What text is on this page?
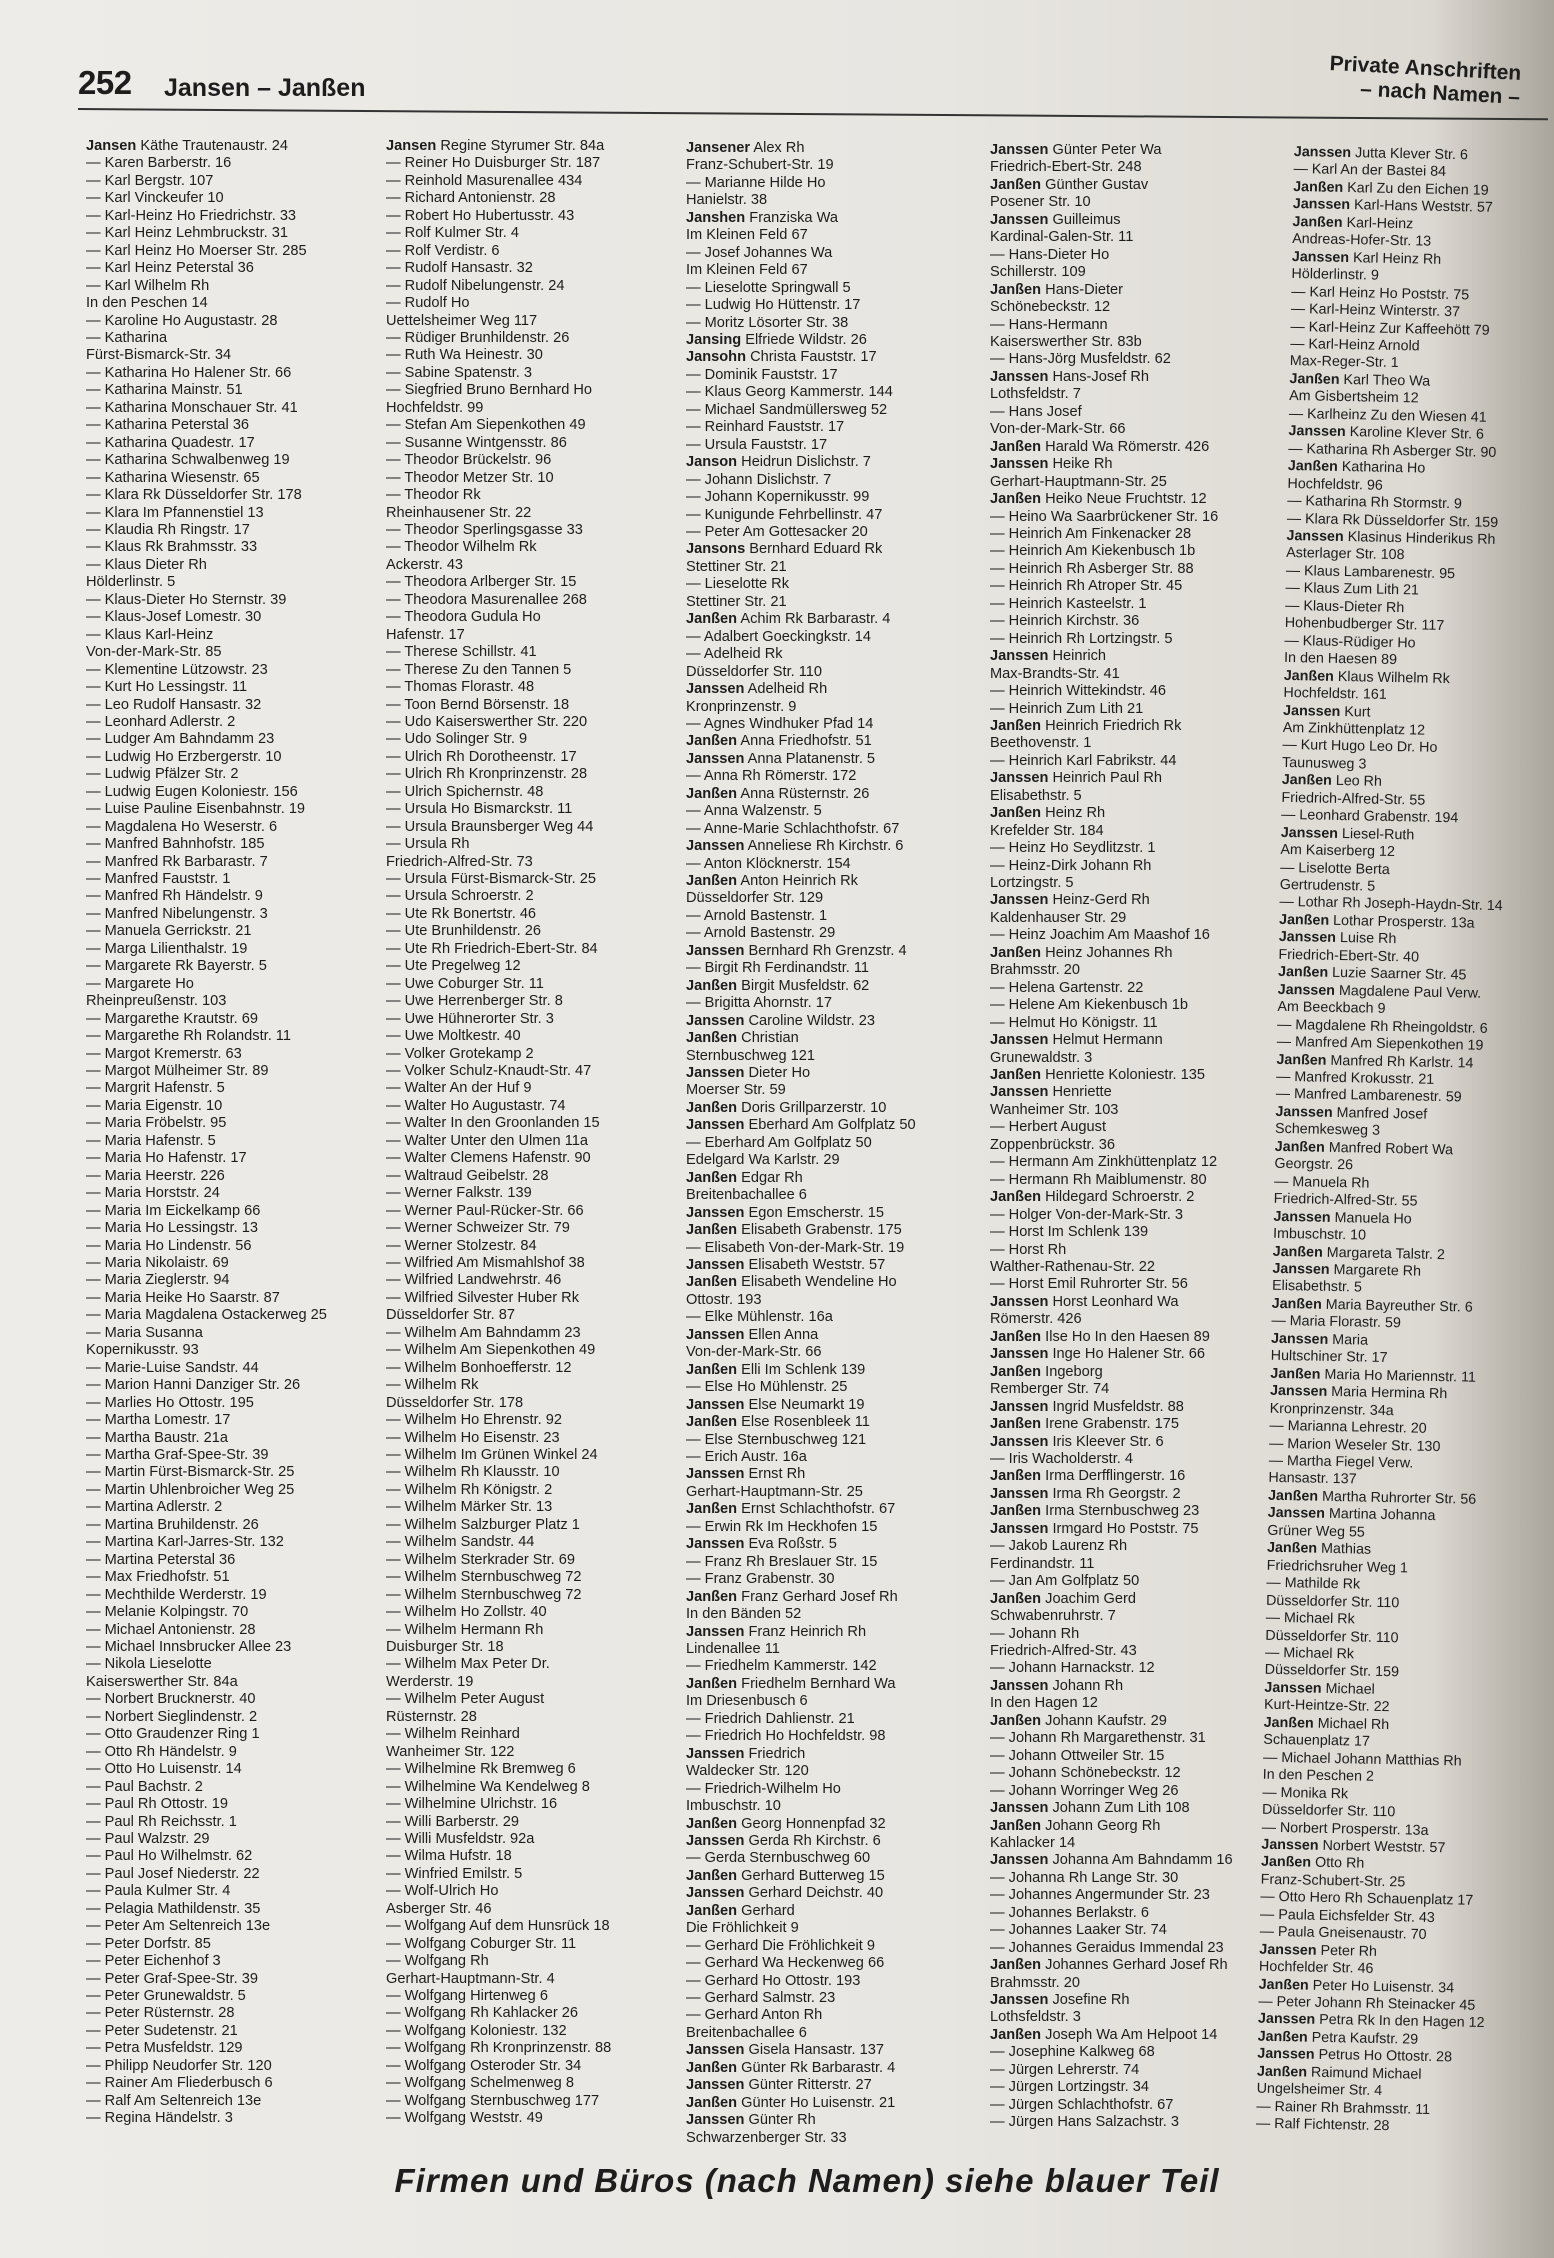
252 Jansen – Janßen
Private Anschriften
– nach Namen –
Jansen Käthe Trautenaustr. 24
— Karen Barberstr. 16
— Karl Bergstr. 107
— Karl Vinckeufer 10
— Karl-Heinz Ho Friedrichstr. 33
— Karl Heinz Lehmbruckstr. 31
— Karl Heinz Ho Moerser Str. 285
— Karl Heinz Peterstal 36
— Karl Wilhelm Rh
In den Peschen 14
— Karoline Ho Augustastr. 28
— Katharina
Fürst-Bismarck-Str. 34
— Katharina Ho Halener Str. 66
— Katharina Mainstr. 51
— Katharina Monschauer Str. 41
— Katharina Peterstal 36
— Katharina Quadestr. 17
— Katharina Schwalbenweg 19
— Katharina Wiesenstr. 65
— Klara Rk Düsseldorfer Str. 178
— Klara Im Pfannenstiel 13
— Klaudia Rh Ringstr. 17
— Klaus Rk Brahmsstr. 33
— Klaus Dieter Rh
Hölderlinstr. 5
— Klaus-Dieter Ho Sternstr. 39
— Klaus-Josef Lomestr. 30
— Klaus Karl-Heinz
Von-der-Mark-Str. 85
— Klementine Lützowstr. 23
— Kurt Ho Lessingstr. 11
— Leo Rudolf Hansastr. 32
— Leonhard Adlerstr. 2
— Ludger Am Bahndamm 23
— Ludwig Ho Erzbergerstr. 10
— Ludwig Pfälzer Str. 2
— Ludwig Eugen Koloniestr. 156
— Luise Pauline Eisenbahnstr. 19
— Magdalena Ho Weserstr. 6
— Manfred Bahnhofstr. 185
— Manfred Rk Barbarastr. 7
— Manfred Fauststr. 1
— Manfred Rh Händelstr. 9
— Manfred Nibelungenstr. 3
— Manuela Gerrickstr. 21
— Marga Lilienthalstr. 19
— Margarete Rk Bayerstr. 5
— Margarete Ho
Rheinpreußenstr. 103
— Margarethe Krautstr. 69
— Margarethe Rh Rolandstr. 11
— Margot Kremerstr. 63
— Margot Mülheimer Str. 89
— Margrit Hafenstr. 5
— Maria Eigenstr. 10
— Maria Fröbelstr. 95
— Maria Hafenstr. 5
— Maria Ho Hafenstr. 17
— Maria Heerstr. 226
— Maria Horststr. 24
— Maria Im Eickelkamp 66
— Maria Ho Lessingstr. 13
— Maria Ho Lindenstr. 56
— Maria Nikolaistr. 69
— Maria Zieglerstr. 94
— Maria Heike Ho Saarstr. 87
— Maria Magdalena Ostackerweg 25
— Maria Susanna
Kopernikusstr. 93
— Marie-Luise Sandstr. 44
— Marion Hanni Danziger Str. 26
— Marlies Ho Ottostr. 195
— Martha Lomestr. 17
— Martha Baustr. 21a
— Martha Graf-Spee-Str. 39
— Martin Fürst-Bismarck-Str. 25
— Martin Uhlenbroicher Weg 25
— Martina Adlerstr. 2
— Martina Bruhildenstr. 26
— Martina Karl-Jarres-Str. 132
— Martina Peterstal 36
— Max Friedhofstr. 51
— Mechthilde Werderstr. 19
— Melanie Kolpingstr. 70
— Michael Antonienstr. 28
— Michael Innsbrucker Allee 23
— Nikola Lieselotte
Kaiserswerther Str. 84a
— Norbert Brucknerstr. 40
— Norbert Sieglindenstr. 2
— Otto Graudenzer Ring 1
— Otto Rh Händelstr. 9
— Otto Ho Luisenstr. 14
— Paul Bachstr. 2
— Paul Rh Ottostr. 19
— Paul Rh Reichsstr. 1
— Paul Walzstr. 29
— Paul Ho Wilhelmstr. 62
— Paul Josef Niederstr. 22
— Paula Kulmer Str. 4
— Pelagia Mathildenstr. 35
— Peter Am Seltenreich 13e
— Peter Dorfstr. 85
— Peter Eichenhof 3
— Peter Graf-Spee-Str. 39
— Peter Grunewaldstr. 5
— Peter Rüsternstr. 28
— Peter Sudetenstr. 21
— Petra Musfeldstr. 129
— Philipp Neudorfer Str. 120
— Rainer Am Fliederbusch 6
— Ralf Am Seltenreich 13e
— Regina Händelstr. 3
Jansen Regine Styrumer Str. 84a
— Reiner Ho Duisburger Str. 187
— Reinhold Masurenallee 434
— Richard Antonienstr. 28
— Robert Ho Hubertusstr. 43
— Rolf Kulmer Str. 4
— Rolf Verdistr. 6
— Rudolf Hansastr. 32
— Rudolf Nibelungenstr. 24
— Rudolf Ho
Uettelsheimer Weg 117
— Rüdiger Brunhildenstr. 26
— Ruth Wa Heinestr. 30
— Sabine Spatenstr. 3
— Siegfried Bruno Bernhard Ho
Hochfeldstr. 99
— Stefan Am Siepenkothen 49
— Susanne Wintgensstr. 86
— Theodor Brückelstr. 96
— Theodor Metzer Str. 10
— Theodor Rk
Rheinhausener Str. 22
— Theodor Sperlingsgasse 33
— Theodor Wilhelm Rk
Ackerstr. 43
— Theodora Arlberger Str. 15
— Theodora Masurenallee 268
— Theodora Gudula Ho
Hafenstr. 17
— Therese Schillstr. 41
— Therese Zu den Tannen 5
— Thomas Florastr. 48
— Toon Bernd Börsenstr. 18
— Udo Kaiserswerther Str. 220
— Udo Solinger Str. 9
— Ulrich Rh Dorotheenstr. 17
— Ulrich Rh Kronprinzenstr. 28
— Ulrich Spichernstr. 48
— Ursula Ho Bismarckstr. 11
— Ursula Braunsberger Weg 44
— Ursula Rh
Friedrich-Alfred-Str. 73
— Ursula Fürst-Bismarck-Str. 25
— Ursula Schroerstr. 2
— Ute Rk Bonertstr. 46
— Ute Brunhildenstr. 26
— Ute Rh Friedrich-Ebert-Str. 84
— Ute Pregelweg 12
— Uwe Coburger Str. 11
— Uwe Herrenberger Str. 8
— Uwe Hühnerorter Str. 3
— Uwe Moltkestr. 40
— Volker Grotekamp 2
— Volker Schulz-Knaudt-Str. 47
— Walter An der Huf 9
— Walter Ho Augustastr. 74
— Walter In den Groonlanden 15
— Walter Unter den Ulmen 11a
— Walter Clemens Hafenstr. 90
— Waltraud Geibelstr. 28
— Werner Falkstr. 139
— Werner Paul-Rücker-Str. 66
— Werner Schweizer Str. 79
— Werner Stolzestr. 84
— Wilfried Am Mismahlshof 38
— Wilfried Landwehrstr. 46
— Wilfried Silvester Huber Rk
Düsseldorfer Str. 87
— Wilhelm Am Bahndamm 23
— Wilhelm Am Siepenkothen 49
— Wilhelm Bonhoefferstr. 12
— Wilhelm Rk
Düsseldorfer Str. 178
— Wilhelm Ho Ehrenstr. 92
— Wilhelm Ho Eisenstr. 23
— Wilhelm Im Grünen Winkel 24
— Wilhelm Rh Klausstr. 10
— Wilhelm Rh Königstr. 2
— Wilhelm Märker Str. 13
— Wilhelm Salzburger Platz 1
— Wilhelm Sandstr. 44
— Wilhelm Sterkrader Str. 69
— Wilhelm Sternbuschweg 72
— Wilhelm Sternbuschweg 72
— Wilhelm Ho Zollstr. 40
— Wilhelm Hermann Rh
Duisburger Str. 18
— Wilhelm Max Peter Dr.
Werderstr. 19
— Wilhelm Peter August
Rüsternstr. 28
— Wilhelm Reinhard
Wanheimer Str. 122
— Wilhelmine Rk Bremweg 6
— Wilhelmine Wa Kendelweg 8
— Wilhelmine Ulrichstr. 16
— Willi Barberstr. 29
— Willi Musfeldstr. 92a
— Wilma Hufstr. 18
— Winfried Emilstr. 5
— Wolf-Ulrich Ho
Asberger Str. 46
— Wolfgang Auf dem Hunsrück 18
— Wolfgang Coburger Str. 11
— Wolfgang Rh
Gerhart-Hauptmann-Str. 4
— Wolfgang Hirtenweg 6
— Wolfgang Rh Kahlacker 26
— Wolfgang Koloniestr. 132
— Wolfgang Rh Kronprinzenstr. 88
— Wolfgang Osteroder Str. 34
— Wolfgang Schelmenweg 8
— Wolfgang Sternbuschweg 177
— Wolfgang Weststr. 49
Jansener Alex Rh
Franz-Schubert-Str. 19
— Marianne Hilde Ho
Hanielstr. 38
Janshen Franziska Wa
Im Kleinen Feld 67
— Josef Johannes Wa
Im Kleinen Feld 67
— Lieselotte Springwall 5
— Ludwig Ho Hüttenstr. 17
— Moritz Lösorter Str. 38
Jansing Elfriede Wildstr. 26
Jansohn Christa Fauststr. 17
— Dominik Fauststr. 17
— Klaus Georg Kammerstr. 144
— Michael Sandmüllersweg 52
— Reinhard Fauststr. 17
— Ursula Fauststr. 17
Janson Heidrun Dislichstr. 7
— Johann Dislichstr. 7
— Johann Kopernikusstr. 99
— Kunigunde Fehrbellinstr. 47
— Peter Am Gottesacker 20
Jansons Bernhard Eduard Rk
Stettiner Str. 21
— Lieselotte Rk
Stettiner Str. 21
Janßen Achim Rk Barbarastr. 4
— Adalbert Goeckingkstr. 14
— Adelheid Rk
Düsseldorfer Str. 110
Janssen Adelheid Rh
Kronprinzenstr. 9
— Agnes Windhuker Pfad 14
Janßen Anna Friedhofstr. 51
Janssen Anna Platanenstr. 5
— Anna Rh Römerstr. 172
Janßen Anna Rüsternstr. 26
— Anna Walzenstr. 5
— Anne-Marie Schlachthofstr. 67
Janssen Anneliese Rh Kirchstr. 6
— Anton Klöcknerstr. 154
Janßen Anton Heinrich Rk
Düsseldorfer Str. 129
— Arnold Bastenstr. 1
— Arnold Bastenstr. 29
Janssen Bernhard Rh Grenzstr. 4
— Birgit Rh Ferdinandstr. 11
Janßen Birgit Musfeldstr. 62
— Brigitta Ahornstr. 17
Janssen Caroline Wildstr. 23
Janßen Christian
Sternbuschweg 121
Janssen Dieter Ho
Moerser Str. 59
Janßen Doris Grillparzerstr. 10
Janssen Eberhard Am Golfplatz 50
— Eberhard Am Golfplatz 50
Edelgard Wa Karlstr. 29
Janßen Edgar Rh
Breitenbachallee 6
Janssen Egon Emscherstr. 15
Janßen Elisabeth Grabenstr. 175
— Elisabeth Von-der-Mark-Str. 19
Janssen Elisabeth Weststr. 57
Janßen Elisabeth Wendeline Ho
Ottostr. 193
— Elke Mühlenstr. 16a
Janssen Ellen Anna
Von-der-Mark-Str. 66
Janßen Elli Im Schlenk 139
— Else Ho Mühlenstr. 25
Janssen Else Neumarkt 19
Janßen Else Rosenbleek 11
— Else Sternbuschweg 121
— Erich Austr. 16a
Janssen Ernst Rh
Gerhart-Hauptmann-Str. 25
Janßen Ernst Schlachthofstr. 67
— Erwin Rk Im Heckhofen 15
Janssen Eva Roßstr. 5
— Franz Rh Breslauer Str. 15
— Franz Grabenstr. 30
Janßen Franz Gerhard Josef Rh
In den Bänden 52
Janssen Franz Heinrich Rh
Lindenallee 11
— Friedhelm Kammerstr. 142
Janßen Friedhelm Bernhard Wa
Im Driesenbusch 6
— Friedrich Dahlienstr. 21
— Friedrich Ho Hochfeldstr. 98
Janssen Friedrich
Waldecker Str. 120
— Friedrich-Wilhelm Ho
Imbuschstr. 10
Janßen Georg Honnenpfad 32
Janssen Gerda Rh Kirchstr. 6
— Gerda Sternbuschweg 60
Janßen Gerhard Butterweg 15
Janssen Gerhard Deichstr. 40
Janßen Gerhard
Die Fröhlichkeit 9
— Gerhard Die Fröhlichkeit 9
— Gerhard Wa Heckenweg 66
— Gerhard Ho Ottostr. 193
— Gerhard Salmstr. 23
— Gerhard Anton Rh
Breitenbachallee 6
Janssen Gisela Hansastr. 137
Janßen Günter Rk Barbarastr. 4
Janssen Günter Ritterstr. 27
Janßen Günter Ho Luisenstr. 21
Janssen Günter Rh
Schwarzenberger Str. 33
Janssen Günter Peter Wa
Friedrich-Ebert-Str. 248
Janßen Günther Gustav
Posener Str. 10
Janssen Guilleimus
Kardinal-Galen-Str. 11
— Hans-Dieter Ho
Schillerstr. 109
Janßen Hans-Dieter
Schönebeckstr. 12
— Hans-Hermann
Kaiserswerther Str. 83b
— Hans-Jörg Musfeldstr. 62
Janssen Hans-Josef Rh
Lothsfeldstr. 7
— Hans Josef
Von-der-Mark-Str. 66
Janßen Harald Wa Römerstr. 426
Janssen Heike Rh
Gerhart-Hauptmann-Str. 25
Janßen Heiko Neue Fruchtstr. 12
— Heino Wa Saarbrückener Str. 16
— Heinrich Am Finkenacker 28
— Heinrich Am Kiekenbusch 1b
— Heinrich Rh Asberger Str. 88
— Heinrich Rh Atroper Str. 45
— Heinrich Kasteelstr. 1
— Heinrich Kirchstr. 36
— Heinrich Rh Lortzingstr. 5
Janssen Heinrich
Max-Brandts-Str. 41
— Heinrich Wittekindstr. 46
— Heinrich Zum Lith 21
Janßen Heinrich Friedrich Rk
Beethovenstr. 1
— Heinrich Karl Fabrikstr. 44
Janssen Heinrich Paul Rh
Elisabethstr. 5
Janßen Heinz Rh
Krefelder Str. 184
— Heinz Ho Seydlitzstr. 1
— Heinz-Dirk Johann Rh
Lortzingstr. 5
Janssen Heinz-Gerd Rh
Kaldenhauser Str. 29
— Heinz Joachim Am Maashof 16
Janßen Heinz Johannes Rh
Brahmsstr. 20
— Helena Gartenstr. 22
— Helene Am Kiekenbusch 1b
— Helmut Ho Königstr. 11
Janssen Helmut Hermann
Grunewaldstr. 3
Janßen Henriette Koloniestr. 135
Janssen Henriette
Wanheimer Str. 103
— Herbert August
Zoppenbrückstr. 36
— Hermann Am Zinkhüttenplatz 12
— Hermann Rh Maiblumenstr. 80
Janßen Hildegard Schroerstr. 2
— Holger Von-der-Mark-Str. 3
— Horst Im Schlenk 139
— Horst Rh
Walther-Rathenau-Str. 22
— Horst Emil Ruhrorter Str. 56
Janssen Horst Leonhard Wa
Römerstr. 426
Janßen Ilse Ho In den Haesen 89
Janssen Inge Ho Halener Str. 66
Janßen Ingeborg
Remberger Str. 74
Janssen Ingrid Musfeldstr. 88
Janßen Irene Grabenstr. 175
Janssen Iris Kleever Str. 6
— Iris Wacholderstr. 4
Janßen Irma Derfflingerstr. 16
Janssen Irma Rh Georgstr. 2
Janßen Irma Sternbuschweg 23
Janssen Irmgard Ho Poststr. 75
— Jakob Laurenz Rh
Ferdinandstr. 11
— Jan Am Golfplatz 50
Janßen Joachim Gerd
Schwabenruhrstr. 7
— Johann Rh
Friedrich-Alfred-Str. 43
— Johann Harnackstr. 12
Janssen Johann Rh
In den Hagen 12
Janßen Johann Kaufstr. 29
— Johann Rh Margarethenstr. 31
— Johann Ottweiler Str. 15
— Johann Schönebeckstr. 12
— Johann Worringer Weg 26
Janssen Johann Zum Lith 108
Janßen Johann Georg Rh
Kahlacker 14
Janssen Johanna Am Bahndamm 16
— Johanna Rh Lange Str. 30
— Johannes Angermunder Str. 23
— Johannes Berlakstr. 6
— Johannes Laaker Str. 74
— Johannes Geraidus Immendal 23
Janßen Johannes Gerhard Josef Rh
Brahmsstr. 20
Janssen Josefine Rh
Lothsfeldstr. 3
Janßen Joseph Wa Am Helpoot 14
— Josephine Kalkweg 68
— Jürgen Lehrerstr. 74
— Jürgen Lortzingstr. 34
— Jürgen Schlachthofstr. 67
— Jürgen Hans Salzachstr. 3
Janssen Jutta Klever Str. 6
— Karl An der Bastei 84
Janßen Karl Zu den Eichen 19
Janssen Karl-Hans Weststr. 57
Janßen Karl-Heinz
Andreas-Hofer-Str. 13
Janssen Karl Heinz Rh
Hölderlinstr. 9
— Karl Heinz Ho Poststr. 75
— Karl-Heinz Winterstr. 37
— Karl-Heinz Zur Kaffeehött 79
— Karl-Heinz Arnold
Max-Reger-Str. 1
Janßen Karl Theo Wa
Am Gisbertsheim 12
— Karlheinz Zu den Wiesen 41
Janssen Karoline Klever Str. 6
— Katharina Rh Asberger Str. 90
Janßen Katharina Ho
Hochfeldstr. 96
— Katharina Rh Stormstr. 9
— Klara Rk Düsseldorfer Str. 159
Janssen Klasinus Hinderikus Rh
Asterlager Str. 108
— Klaus Lambarenestr. 95
— Klaus Zum Lith 21
— Klaus-Dieter Rh
Hohenbudberger Str. 117
— Klaus-Rüdiger Ho
In den Haesen 89
Janßen Klaus Wilhelm Rk
Hochfeldstr. 161
Janssen Kurt
Am Zinkhüttenplatz 12
— Kurt Hugo Leo Dr. Ho
Taunusweg 3
Janßen Leo Rh
Friedrich-Alfred-Str. 55
— Leonhard Grabenstr. 194
Janssen Liesel-Ruth
Am Kaiserberg 12
— Liselotte Berta
Gertrudenstr. 5
— Lothar Rh Joseph-Haydn-Str. 14
Janßen Lothar Prosperstr. 13a
Janssen Luise Rh
Friedrich-Ebert-Str. 40
Janßen Luzie Saarner Str. 45
Janssen Magdalene Paul Verw.
Am Beeckbach 9
— Magdalene Rh Rheingoldstr. 6
— Manfred Am Siepenkothen 19
Janßen Manfred Rh Karlstr. 14
— Manfred Krokusstr. 21
— Manfred Lambarenestr. 59
Janssen Manfred Josef
Schemkesweg 3
Janßen Manfred Robert Wa
Georgstr. 26
— Manuela Rh
Friedrich-Alfred-Str. 55
Janssen Manuela Ho
Imbuschstr. 10
Janßen Margareta Talstr. 2
Janssen Margarete Rh
Elisabethstr. 5
Janßen Maria Bayreuther Str. 6
— Maria Florastr. 59
Janssen Maria
Hultschiner Str. 17
Janßen Maria Ho Mariennstr. 11
Janssen Maria Hermina Rh
Kronprinzenstr. 34a
— Marianna Lehrestr. 20
— Marion Weseler Str. 130
— Martha Fiegel Verw.
Hansastr. 137
Janßen Martha Ruhrorter Str. 56
Janssen Martina Johanna
Grüner Weg 55
Janßen Mathias
Friedrichsruher Weg 1
— Mathilde Rk
Düsseldorfer Str. 110
— Michael Rk
Düsseldorfer Str. 110
— Michael Rk
Düsseldorfer Str. 159
Janssen Michael
Kurt-Heintze-Str. 22
Janßen Michael Rh
Schauenplatz 17
— Michael Johann Matthias Rh
In den Peschen 2
— Monika Rk
Düsseldorfer Str. 110
— Norbert Prosperstr. 13a
Janssen Norbert Weststr. 57
Janßen Otto Rh
Franz-Schubert-Str. 25
— Otto Hero Rh Schauenplatz 17
— Paula Eichsfelder Str. 43
— Paula Gneisenaustr. 70
Janssen Peter Rh
Hochfelder Str. 46
Janßen Peter Ho Luisenstr. 34
— Peter Johann Rh Steinacker 45
Janssen Petra Rk In den Hagen 12
Janßen Petra Kaufstr. 29
Janssen Petrus Ho Ottostr. 28
Janßen Raimund Michael
Ungelsheimer Str. 4
— Rainer Rh Brahmsstr. 11
— Ralf Fichtenstr. 28
Firmen und Büros (nach Namen) siehe blauer Teil
